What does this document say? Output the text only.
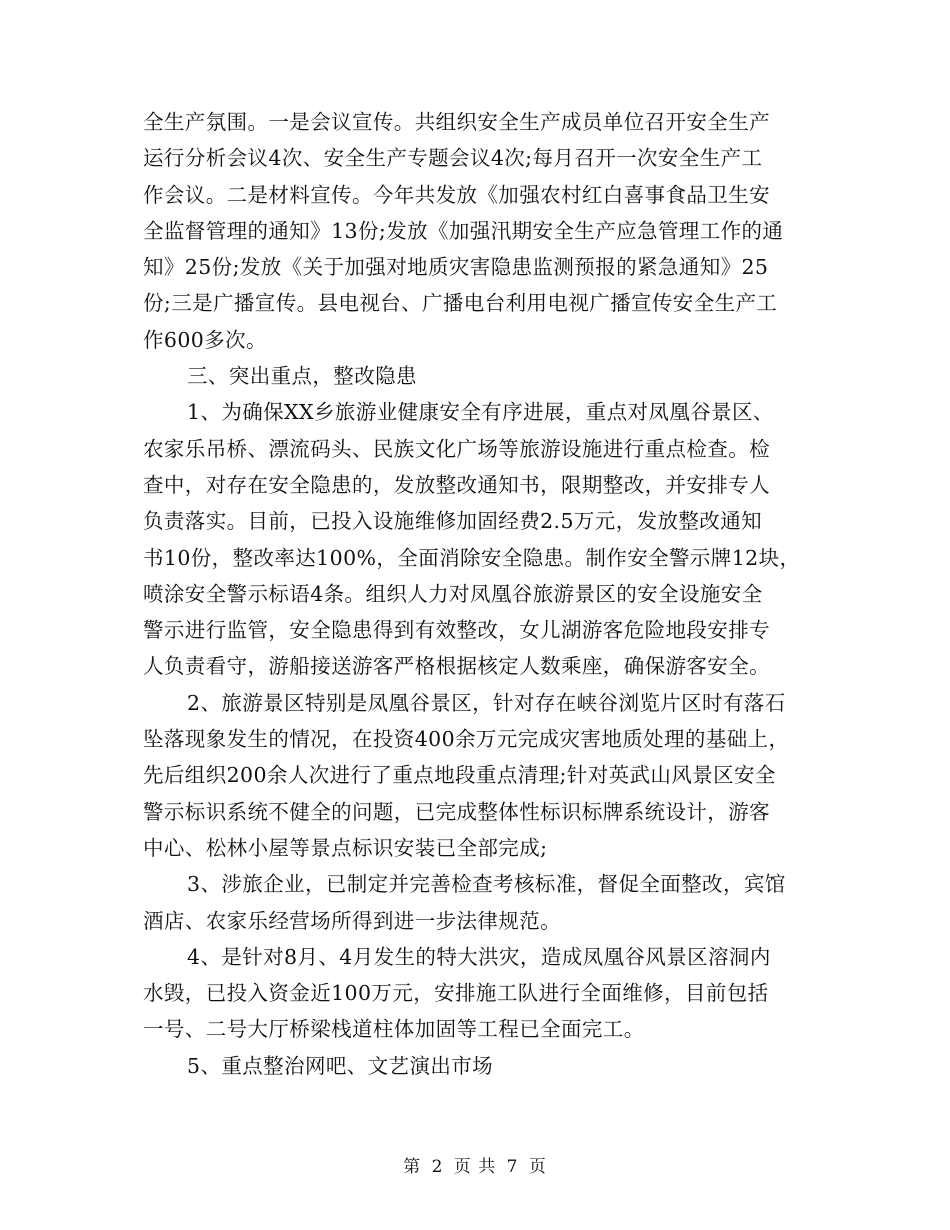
全生产氛围。一是会议宣传。共组织安全生产成员单位召开安全生产
运行分析会议4次、安全生产专题会议4次;每月召开一次安全生产工
作会议。二是材料宣传。今年共发放《加强农村红白喜事食品卫生安
全监督管理的通知》13份;发放《加强汛期安全生产应急管理工作的通
知》25份;发放《关于加强对地质灾害隐患监测预报的紧急通知》25
份;三是广播宣传。县电视台、广播电台利用电视广播宣传安全生产工
作600多次。
三、突出重点，整改隐患
1、为确保XX乡旅游业健康安全有序进展，重点对凤凰谷景区、
农家乐吊桥、漂流码头、民族文化广场等旅游设施进行重点检查。检
查中，对存在安全隐患的，发放整改通知书，限期整改，并安排专人
负责落实。目前，已投入设施维修加固经费2.5万元，发放整改通知
书10份，整改率达100%，全面消除安全隐患。制作安全警示牌12块，
喷涂安全警示标语4条。组织人力对凤凰谷旅游景区的安全设施安全
警示进行监管，安全隐患得到有效整改，女儿湖游客危险地段安排专
人负责看守，游船接送游客严格根据核定人数乘座，确保游客安全。
2、旅游景区特别是凤凰谷景区，针对存在峡谷浏览片区时有落石
坠落现象发生的情况，在投资400余万元完成灾害地质处理的基础上，
先后组织200余人次进行了重点地段重点清理;针对英武山风景区安全
警示标识系统不健全的问题，已完成整体性标识标牌系统设计，游客
中心、松林小屋等景点标识安装已全部完成;
3、涉旅企业，已制定并完善检查考核标准，督促全面整改，宾馆
酒店、农家乐经营场所得到进一步法律规范。
4、是针对8月、4月发生的特大洪灾，造成凤凰谷风景区溶洞内
水毁，已投入资金近100万元，安排施工队进行全面维修，目前包括
一号、二号大厅桥梁栈道柱体加固等工程已全面完工。
5、重点整治网吧、文艺演出市场
第 2 页 共 7 页
